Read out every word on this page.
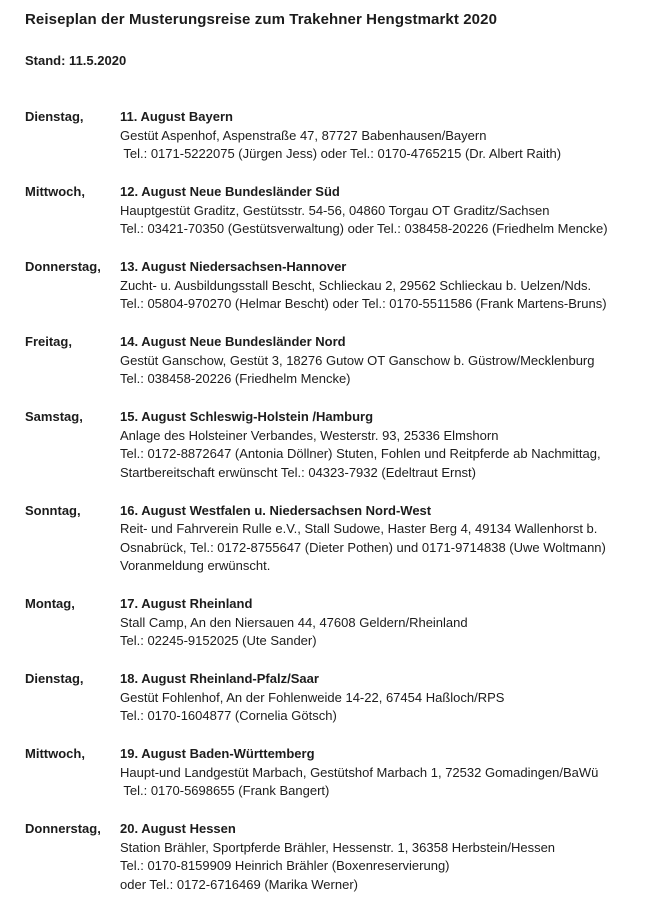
Reiseplan der Musterungsreise zum Trakehner Hengstmarkt 2020
Stand: 11.5.2020
Dienstag,	11. August Bayern
Gestüt Aspenhof, Aspenstraße 47, 87727 Babenhausen/Bayern
Tel.: 0171-5222075 (Jürgen Jess) oder Tel.: 0170-4765215 (Dr. Albert Raith)
Mittwoch,	12. August Neue Bundesländer Süd
Hauptgestüt Graditz, Gestütsstr. 54-56, 04860 Torgau OT Graditz/Sachsen
Tel.: 03421-70350 (Gestütsverwaltung) oder Tel.: 038458-20226 (Friedhelm Mencke)
Donnerstag,	13. August Niedersachsen-Hannover
Zucht- u. Ausbildungsstall Bescht, Schlieckau 2, 29562 Schlieckau b. Uelzen/Nds.
Tel.: 05804-970270 (Helmar Bescht) oder Tel.: 0170-5511586 (Frank Martens-Bruns)
Freitag,	14. August Neue Bundesländer Nord
Gestüt Ganschow, Gestüt 3, 18276 Gutow OT Ganschow b. Güstrow/Mecklenburg
Tel.: 038458-20226 (Friedhelm Mencke)
Samstag,	15. August Schleswig-Holstein /Hamburg
Anlage des Holsteiner Verbandes, Westerstr. 93, 25336 Elmshorn
Tel.: 0172-8872647 (Antonia Döllner) Stuten, Fohlen und Reitpferde ab Nachmittag,
Startbereitschaft erwünscht Tel.: 04323-7932 (Edeltraut Ernst)
Sonntag,	16. August Westfalen u. Niedersachsen Nord-West
Reit- und Fahrverein Rulle e.V., Stall Sudowe, Haster Berg 4, 49134 Wallenhorst b.
Osnabrück, Tel.: 0172-8755647 (Dieter Pothen) und 0171-9714838 (Uwe Woltmann)
Voranmeldung erwünscht.
Montag,	17. August Rheinland
Stall Camp, An den Niersauen 44, 47608 Geldern/Rheinland
Tel.: 02245-9152025 (Ute Sander)
Dienstag,	18. August Rheinland-Pfalz/Saar
Gestüt Fohlenhof, An der Fohlenweide 14-22, 67454 Haßloch/RPS
Tel.: 0170-1604877 (Cornelia Götsch)
Mittwoch,	19. August Baden-Württemberg
Haupt-und Landgestüt Marbach, Gestütshof Marbach 1, 72532 Gomadingen/BaWü
Tel.: 0170-5698655 (Frank Bangert)
Donnerstag,	20. August Hessen
Station Brähler, Sportpferde Brähler, Hessenstr. 1, 36358 Herbstein/Hessen
Tel.: 0170-8159909 Heinrich Brähler (Boxenreservierung)
oder Tel.: 0172-6716469 (Marika Werner)
